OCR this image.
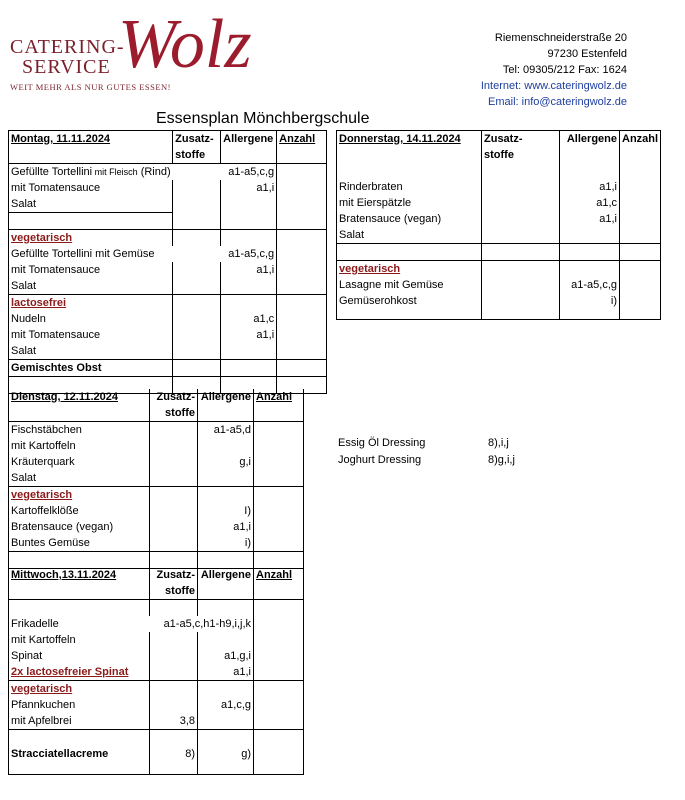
CATERING-
SERVICE Wolz
WEIT MEHR ALS NUR GUTES ESSEN!
Riemenschneiderstraße 20
97230 Estenfeld
Tel: 09305/212 Fax: 1624
Internet: www.cateringwolz.de
Email: info@cateringwolz.de
Essensplan Mönchbergschule
Montag, 11.11.2024	Zusatz-	Allergene	Anzahl
	stoffe		
Gefüllte Tortellini mit Fleisch (Rind)		a1-a5,c,g	
mit Tomatensauce		a1,i	
Salat			

vegetarisch			
Gefüllte Tortellini mit Gemüse		a1-a5,c,g	
mit Tomatensauce		a1,i	
Salat			
lactosefrei			
Nudeln		a1,c	
mit Tomatensauce		a1,i	
Salat			
Gemischtes Obst			

Dienstag, 12.11.2024	Zusatz-	Allergene	Anzahl
	stoffe		
Fischstäbchen		a1-a5,d	
mit Kartoffeln			
Kräuterquark		g,i	
Salat			
vegetarisch			
Kartoffelklöße		I)	
Bratensauce (vegan)		a1,i	
Buntes Gemüse		i)	

Mittwoch,13.11.2024	Zusatz-	Allergene	Anzahl
	stoffe		

Frikadelle	a1-a5,c,h1-h9,i,j,k		
mit Kartoffeln			
Spinat		a1,g,i	
2x lactosefreier Spinat		a1,i	
vegetarisch			
Pfannkuchen		a1,c,g	
mit Apfelbrei	3,8		

Stracciatellacreme	8)	g)	

Donnerstag, 14.11.2024	Zusatz-	Allergene	Anzahl
	stoffe		

Rinderbraten		a1,i	
mit Eierspätzle		a1,c	
Bratensauce (vegan)		a1,i	
Salat			

vegetarisch			
Lasagne mit Gemüse		a1-a5,c,g	
Gemüserohkost		i)	

Essig Öl Dressing	8),i,j
Joghurt Dressing	8)g,i,j
